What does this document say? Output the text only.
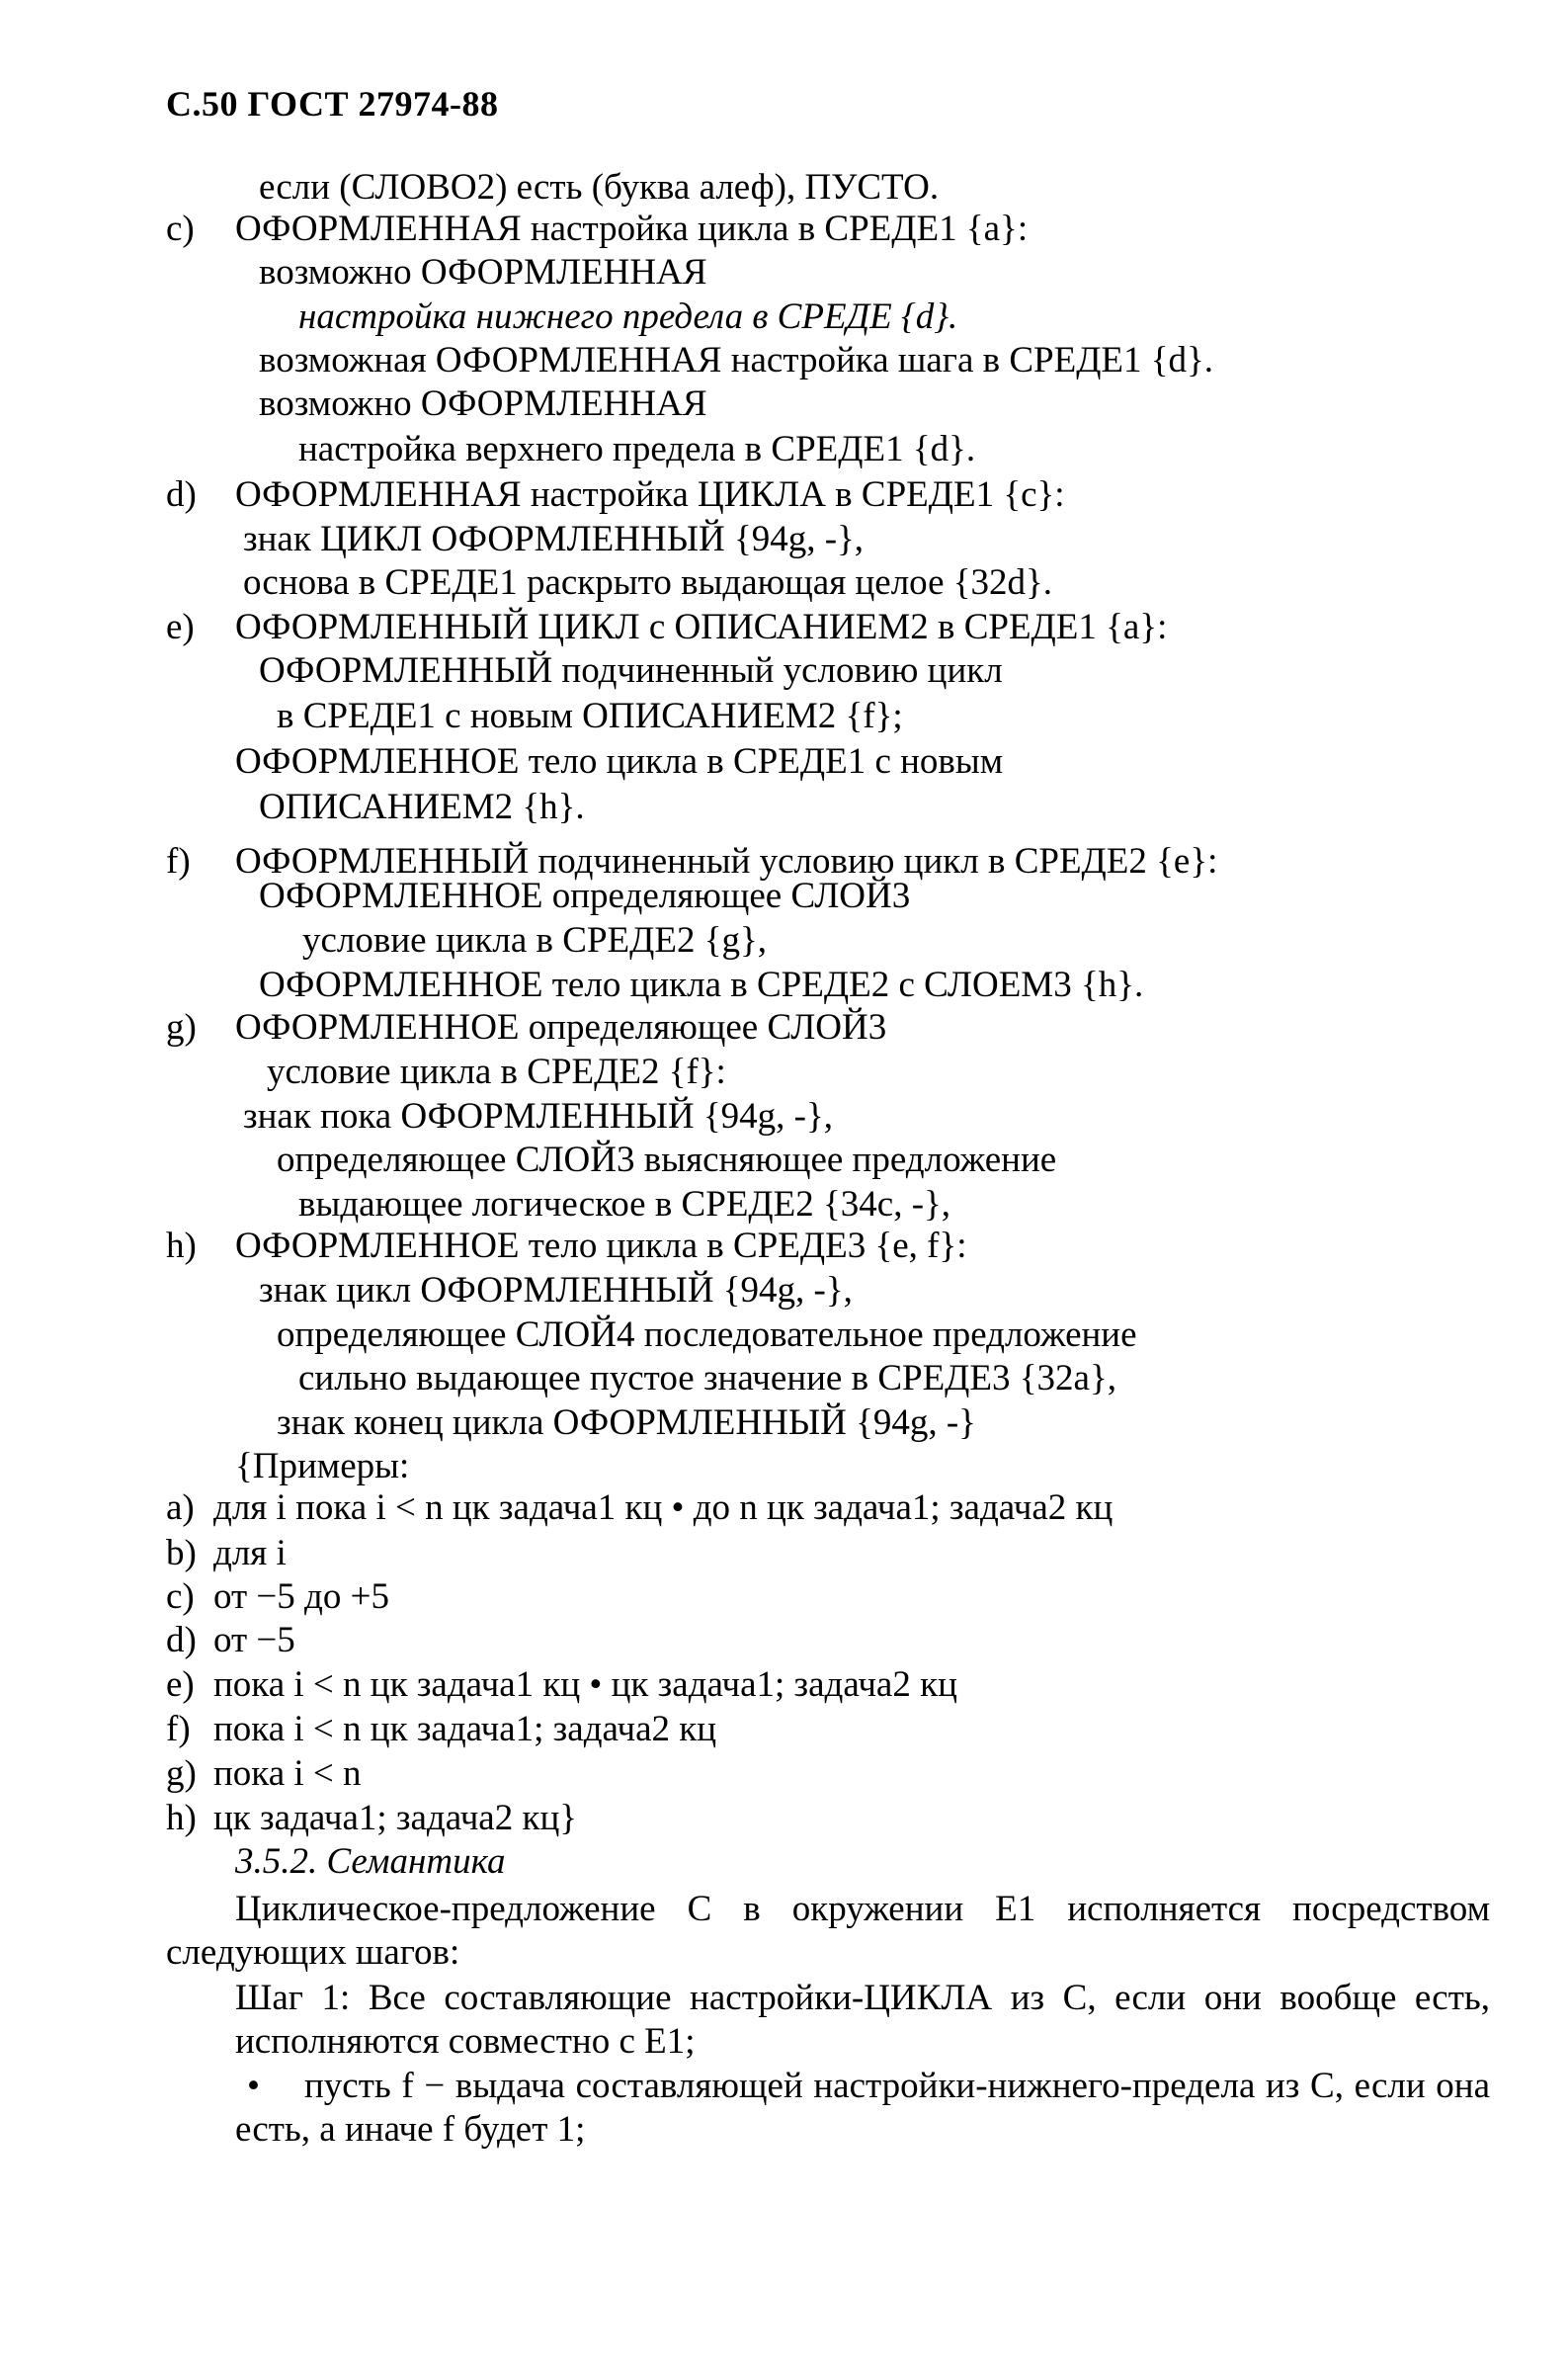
С.50 ГОСТ 27974-88
c)
d)
e)
f)
g)
h)
если (СЛОВО2) есть (буква алеф), ПУСТО.
ОФОРМЛЕННАЯ настройка цикла в СРЕДЕ1 {a}:
возможно ОФОРМЛЕННАЯ
настройка нижнего предела в СРЕДЕ {d}.
возможная ОФОРМЛЕННАЯ настройка шага в СРЕДЕ1 {d}.
возможно ОФОРМЛЕННАЯ
настройка верхнего предела в СРЕДЕ1 {d}.
ОФОРМЛЕННАЯ настройка ЦИКЛА в СРЕДЕ1 {c}:
знак ЦИКЛ ОФОРМЛЕННЫЙ {94g, -},
основа в СРЕДЕ1 раскрыто выдающая целое {32d}.
ОФОРМЛЕННЫЙ ЦИКЛ с ОПИСАНИЕМ2 в СРЕДЕ1 {a}:
ОФОРМЛЕННЫЙ подчиненный условию цикл
в СРЕДЕ1 с новым ОПИСАНИЕМ2 {f};
ОФОРМЛЕННОЕ тело цикла в СРЕДЕ1 с новым
ОПИСАНИЕМ2 {h}.
ОФОРМЛЕННЫЙ подчиненный условию цикл в СРЕДЕ2 {e}:
ОФОРМЛЕННОЕ определяющее СЛОЙ3
условие цикла в СРЕДЕ2 {g},
ОФОРМЛЕННОЕ тело цикла в СРЕДЕ2 с СЛОЕМ3 {h}.
ОФОРМЛЕННОЕ определяющее СЛОЙ3
условие цикла в СРЕДЕ2 {f}:
знак пока ОФОРМЛЕННЫЙ {94g, -},
определяющее СЛОЙ3 выясняющее предложение
выдающее логическое в СРЕДЕ2 {34c, -},
ОФОРМЛЕННОЕ тело цикла в СРЕДЕ3 {e, f}:
знак цикл ОФОРМЛЕННЫЙ {94g, -},
определяющее СЛОЙ4 последовательное предложение
сильно выдающее пустое значение в СРЕДЕ3 {32a},
знак конец цикла ОФОРМЛЕННЫЙ {94g, -}
{Примеры:
a) для i пока i < n цк задача1 кц • до n цк задача1; задача2 кц
b) для i
c) от −5 до +5
d) от −5
e) пока i < n цк задача1 кц • цк задача1; задача2 кц
f) пока i < n цк задача1; задача2 кц
g) пока i < n
h) цк задача1; задача2 кц}
3.5.2. Семантика
Циклическое-предложение C в окружении E1 исполняется посредством следующих шагов:
Шаг 1: Все составляющие настройки-ЦИКЛА из C, если они вообще есть, исполняются совместно с E1;
•	пусть f − выдача составляющей настройки-нижнего-предела из C, если она есть, а иначе f будет 1;
